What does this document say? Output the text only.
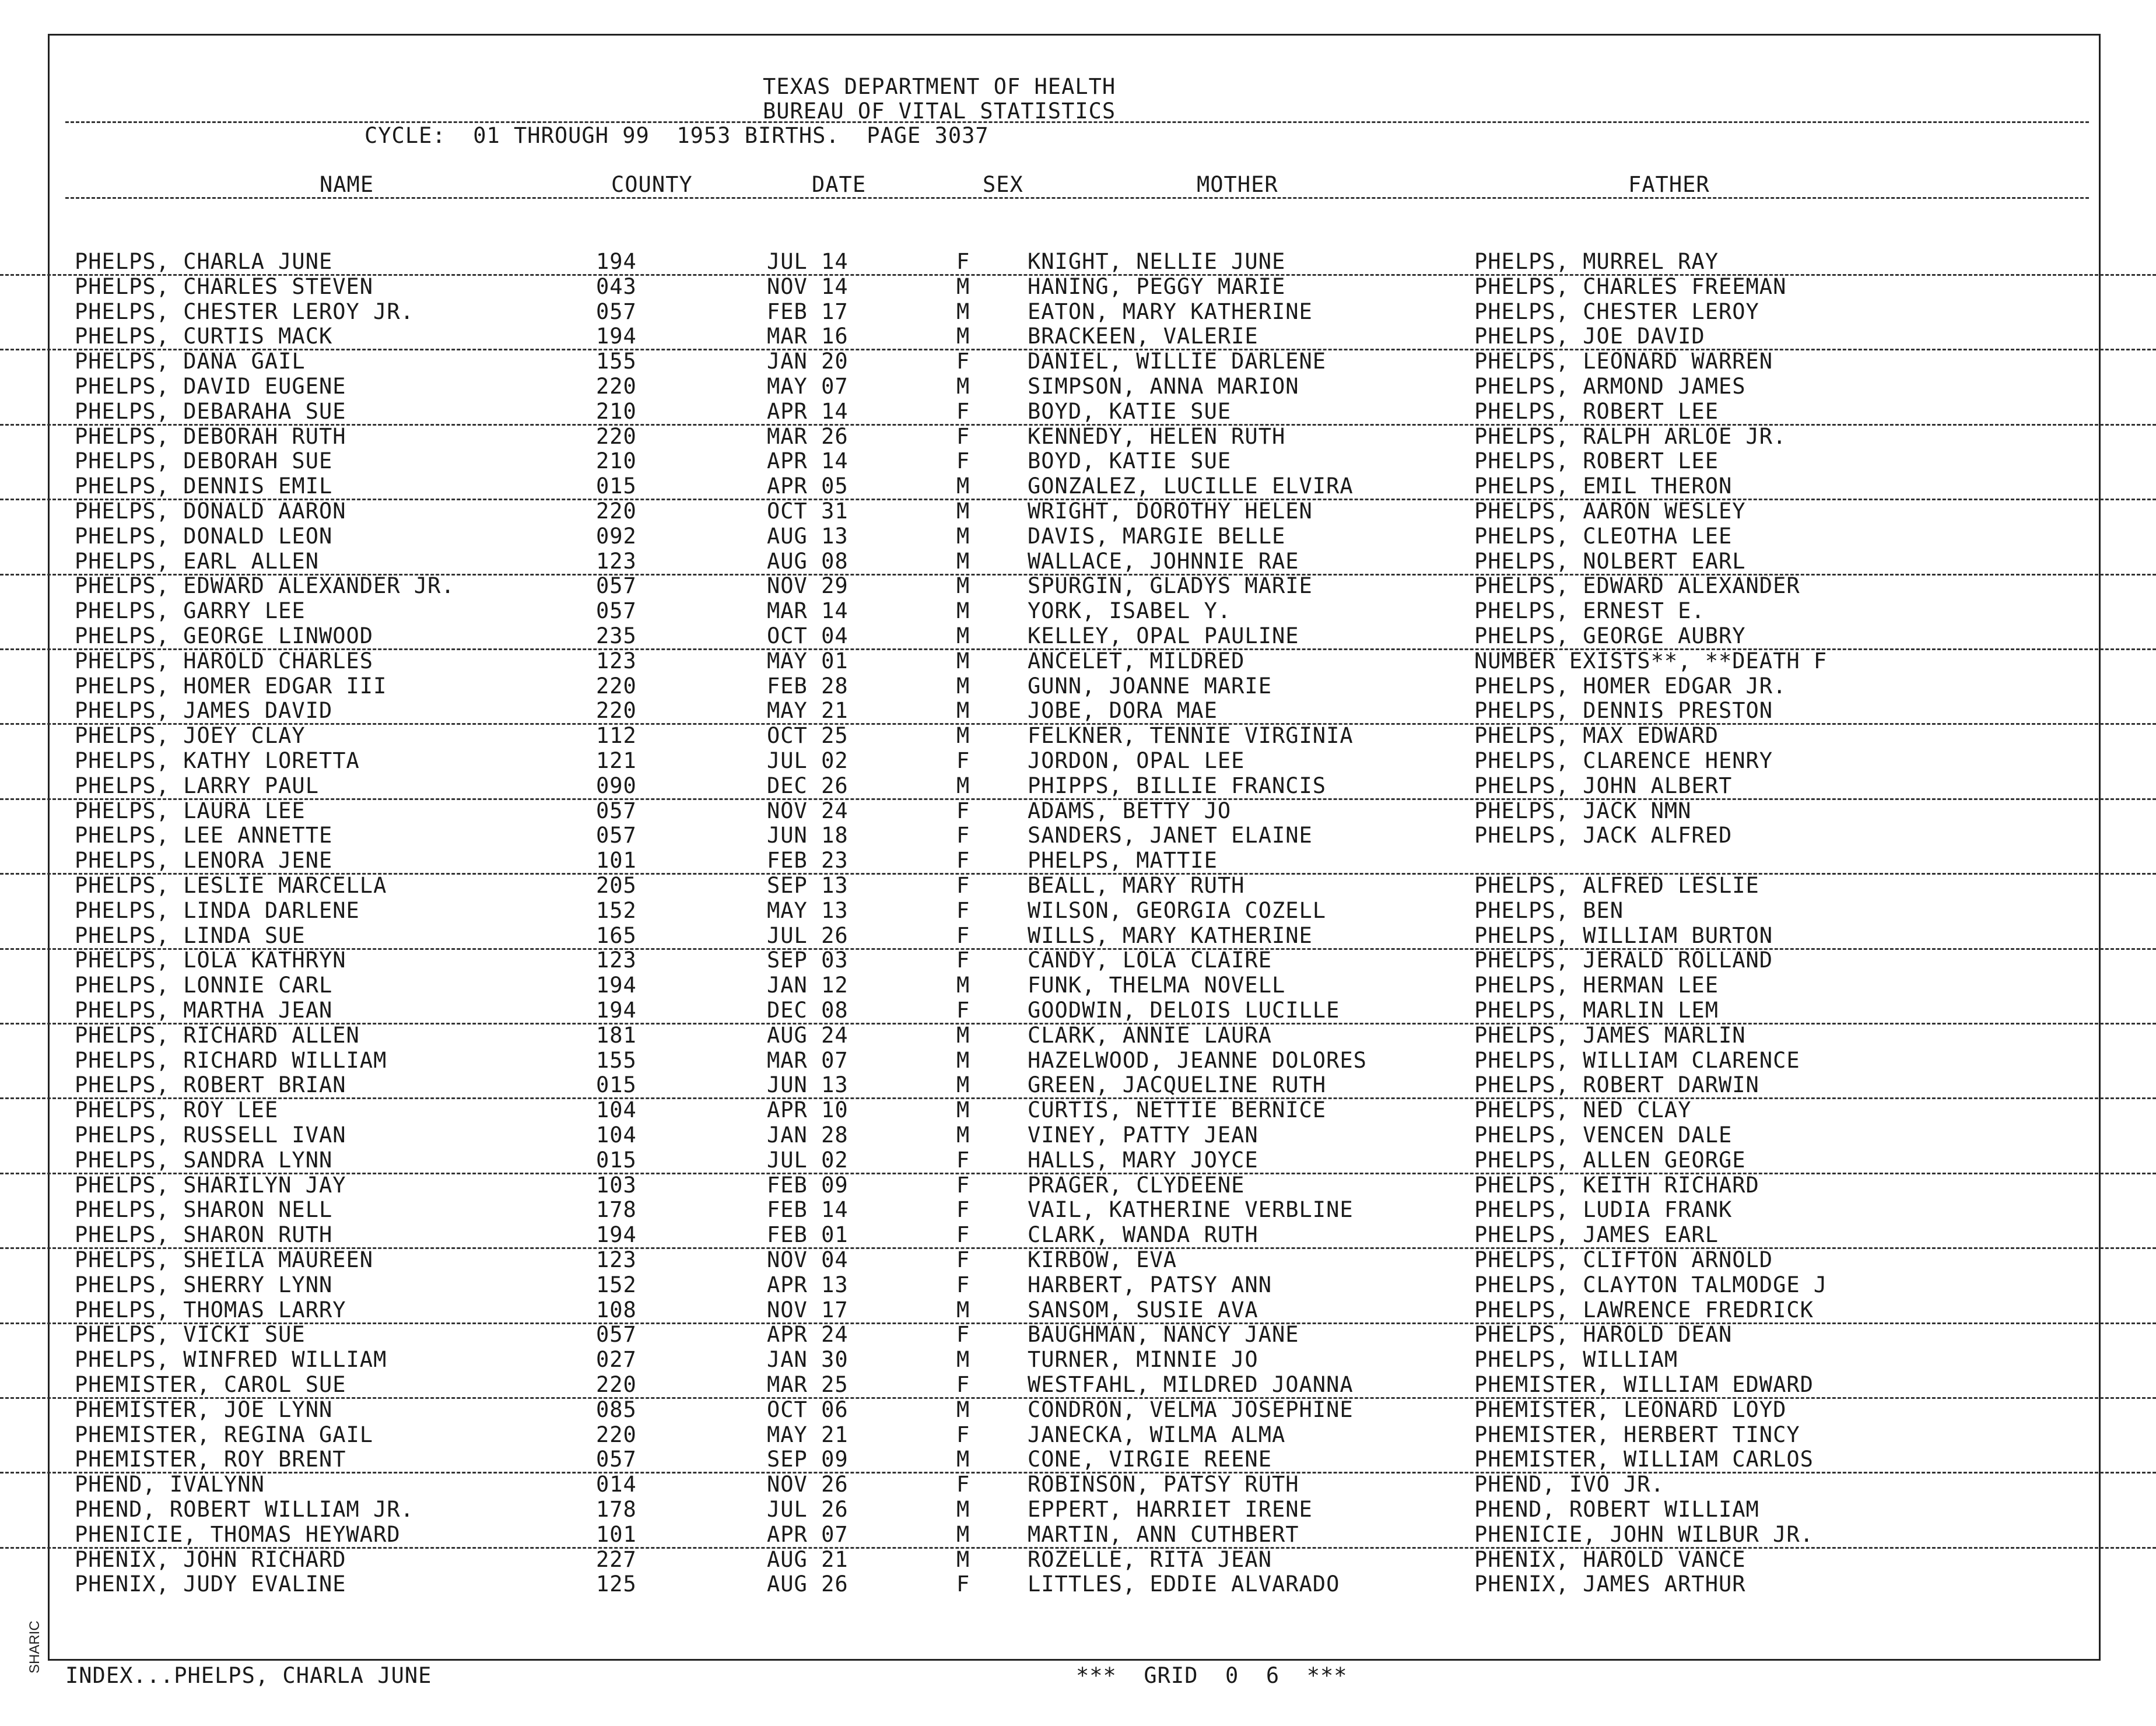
TEXAS DEPARTMENT OF HEALTH
BUREAU OF VITAL STATISTICS
CYCLE:  01 THROUGH 99  1953 BIRTHS.  PAGE 3037
NAME	COUNTY	DATE	SEX	MOTHER	FATHER
PHELPS, CHARLA JUNE	194	JUL 14	F	KNIGHT, NELLIE JUNE	PHELPS, MURREL RAY
PHELPS, CHARLES STEVEN	043	NOV 14	M	HANING, PEGGY MARIE	PHELPS, CHARLES FREEMAN
PHELPS, CHESTER LEROY JR.	057	FEB 17	M	EATON, MARY KATHERINE	PHELPS, CHESTER LEROY
PHELPS, CURTIS MACK	194	MAR 16	M	BRACKEEN, VALERIE	PHELPS, JOE DAVID
PHELPS, DANA GAIL	155	JAN 20	F	DANIEL, WILLIE DARLENE	PHELPS, LEONARD WARREN
PHELPS, DAVID EUGENE	220	MAY 07	M	SIMPSON, ANNA MARION	PHELPS, ARMOND JAMES
PHELPS, DEBARAHA SUE	210	APR 14	F	BOYD, KATIE SUE	PHELPS, ROBERT LEE
PHELPS, DEBORAH RUTH	220	MAR 26	F	KENNEDY, HELEN RUTH	PHELPS, RALPH ARLOE JR.
PHELPS, DEBORAH SUE	210	APR 14	F	BOYD, KATIE SUE	PHELPS, ROBERT LEE
PHELPS, DENNIS EMIL	015	APR 05	M	GONZALEZ, LUCILLE ELVIRA	PHELPS, EMIL THERON
PHELPS, DONALD AARON	220	OCT 31	M	WRIGHT, DOROTHY HELEN	PHELPS, AARON WESLEY
PHELPS, DONALD LEON	092	AUG 13	M	DAVIS, MARGIE BELLE	PHELPS, CLEOTHA LEE
PHELPS, EARL ALLEN	123	AUG 08	M	WALLACE, JOHNNIE RAE	PHELPS, NOLBERT EARL
PHELPS, EDWARD ALEXANDER JR.	057	NOV 29	M	SPURGIN, GLADYS MARIE	PHELPS, EDWARD ALEXANDER
PHELPS, GARRY LEE	057	MAR 14	M	YORK, ISABEL Y.	PHELPS, ERNEST E.
PHELPS, GEORGE LINWOOD	235	OCT 04	M	KELLEY, OPAL PAULINE	PHELPS, GEORGE AUBRY
PHELPS, HAROLD CHARLES	123	MAY 01	M	ANCELET, MILDRED	NUMBER EXISTS**, **DEATH F
PHELPS, HOMER EDGAR III	220	FEB 28	M	GUNN, JOANNE MARIE	PHELPS, HOMER EDGAR JR.
PHELPS, JAMES DAVID	220	MAY 21	M	JOBE, DORA MAE	PHELPS, DENNIS PRESTON
PHELPS, JOEY CLAY	112	OCT 25	M	FELKNER, TENNIE VIRGINIA	PHELPS, MAX EDWARD
PHELPS, KATHY LORETTA	121	JUL 02	F	JORDON, OPAL LEE	PHELPS, CLARENCE HENRY
PHELPS, LARRY PAUL	090	DEC 26	M	PHIPPS, BILLIE FRANCIS	PHELPS, JOHN ALBERT
PHELPS, LAURA LEE	057	NOV 24	F	ADAMS, BETTY JO	PHELPS, JACK NMN
PHELPS, LEE ANNETTE	057	JUN 18	F	SANDERS, JANET ELAINE	PHELPS, JACK ALFRED
PHELPS, LENORA JENE	101	FEB 23	F	PHELPS, MATTIE
PHELPS, LESLIE MARCELLA	205	SEP 13	F	BEALL, MARY RUTH	PHELPS, ALFRED LESLIE
PHELPS, LINDA DARLENE	152	MAY 13	F	WILSON, GEORGIA COZELL	PHELPS, BEN
PHELPS, LINDA SUE	165	JUL 26	F	WILLS, MARY KATHERINE	PHELPS, WILLIAM BURTON
PHELPS, LOLA KATHRYN	123	SEP 03	F	CANDY, LOLA CLAIRE	PHELPS, JERALD ROLLAND
PHELPS, LONNIE CARL	194	JAN 12	M	FUNK, THELMA NOVELL	PHELPS, HERMAN LEE
PHELPS, MARTHA JEAN	194	DEC 08	F	GOODWIN, DELOIS LUCILLE	PHELPS, MARLIN LEM
PHELPS, RICHARD ALLEN	181	AUG 24	M	CLARK, ANNIE LAURA	PHELPS, JAMES MARLIN
PHELPS, RICHARD WILLIAM	155	MAR 07	M	HAZELWOOD, JEANNE DOLORES	PHELPS, WILLIAM CLARENCE
PHELPS, ROBERT BRIAN	015	JUN 13	M	GREEN, JACQUELINE RUTH	PHELPS, ROBERT DARWIN
PHELPS, ROY LEE	104	APR 10	M	CURTIS, NETTIE BERNICE	PHELPS, NED CLAY
PHELPS, RUSSELL IVAN	104	JAN 28	M	VINEY, PATTY JEAN	PHELPS, VENCEN DALE
PHELPS, SANDRA LYNN	015	JUL 02	F	HALLS, MARY JOYCE	PHELPS, ALLEN GEORGE
PHELPS, SHARILYN JAY	103	FEB 09	F	PRAGER, CLYDEENE	PHELPS, KEITH RICHARD
PHELPS, SHARON NELL	178	FEB 14	F	VAIL, KATHERINE VERBLINE	PHELPS, LUDIA FRANK
PHELPS, SHARON RUTH	194	FEB 01	F	CLARK, WANDA RUTH	PHELPS, JAMES EARL
PHELPS, SHEILA MAUREEN	123	NOV 04	F	KIRBOW, EVA	PHELPS, CLIFTON ARNOLD
PHELPS, SHERRY LYNN	152	APR 13	F	HARBERT, PATSY ANN	PHELPS, CLAYTON TALMODGE J
PHELPS, THOMAS LARRY	108	NOV 17	M	SANSOM, SUSIE AVA	PHELPS, LAWRENCE FREDRICK
PHELPS, VICKI SUE	057	APR 24	F	BAUGHMAN, NANCY JANE	PHELPS, HAROLD DEAN
PHELPS, WINFRED WILLIAM	027	JAN 30	M	TURNER, MINNIE JO	PHELPS, WILLIAM
PHEMISTER, CAROL SUE	220	MAR 25	F	WESTFAHL, MILDRED JOANNA	PHEMISTER, WILLIAM EDWARD
PHEMISTER, JOE LYNN	085	OCT 06	M	CONDRON, VELMA JOSEPHINE	PHEMISTER, LEONARD LOYD
PHEMISTER, REGINA GAIL	220	MAY 21	F	JANECKA, WILMA ALMA	PHEMISTER, HERBERT TINCY
PHEMISTER, ROY BRENT	057	SEP 09	M	CONE, VIRGIE REENE	PHEMISTER, WILLIAM CARLOS
PHEND, IVALYNN	014	NOV 26	F	ROBINSON, PATSY RUTH	PHEND, IVO JR.
PHEND, ROBERT WILLIAM JR.	178	JUL 26	M	EPPERT, HARRIET IRENE	PHEND, ROBERT WILLIAM
PHENICIE, THOMAS HEYWARD	101	APR 07	M	MARTIN, ANN CUTHBERT	PHENICIE, JOHN WILBUR JR.
PHENIX, JOHN RICHARD	227	AUG 21	M	ROZELLE, RITA JEAN	PHENIX, HAROLD VANCE
PHENIX, JUDY EVALINE	125	AUG 26	F	LITTLES, EDDIE ALVARADO	PHENIX, JAMES ARTHUR
INDEX...PHELPS, CHARLA JUNE	***  GRID  0  6  ***
SHARIC
